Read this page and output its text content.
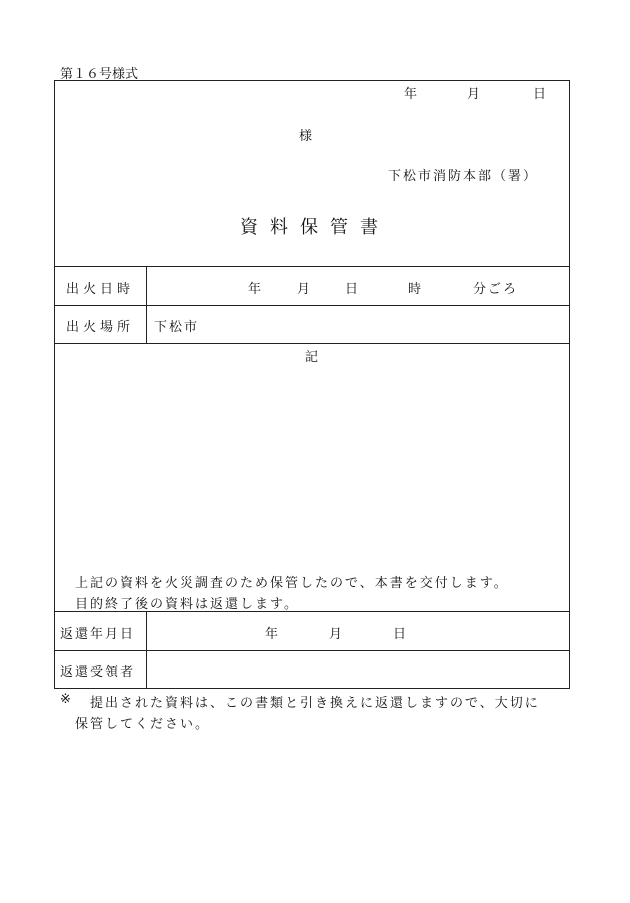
第１６号様式
年	月	日
様
下松市消防本部（署）
資料保管書
出火日時	年	月	日	時	分ごろ
出火場所 下松市
記
上記の資料を火災調査のため保管したので、本書を交付します。
目的終了後の資料は返還します。
返還年月日	年	月	日
返還受領者
※ 提出された資料は、この書類と引き換えに返還しますので、大切に
保管してください。
